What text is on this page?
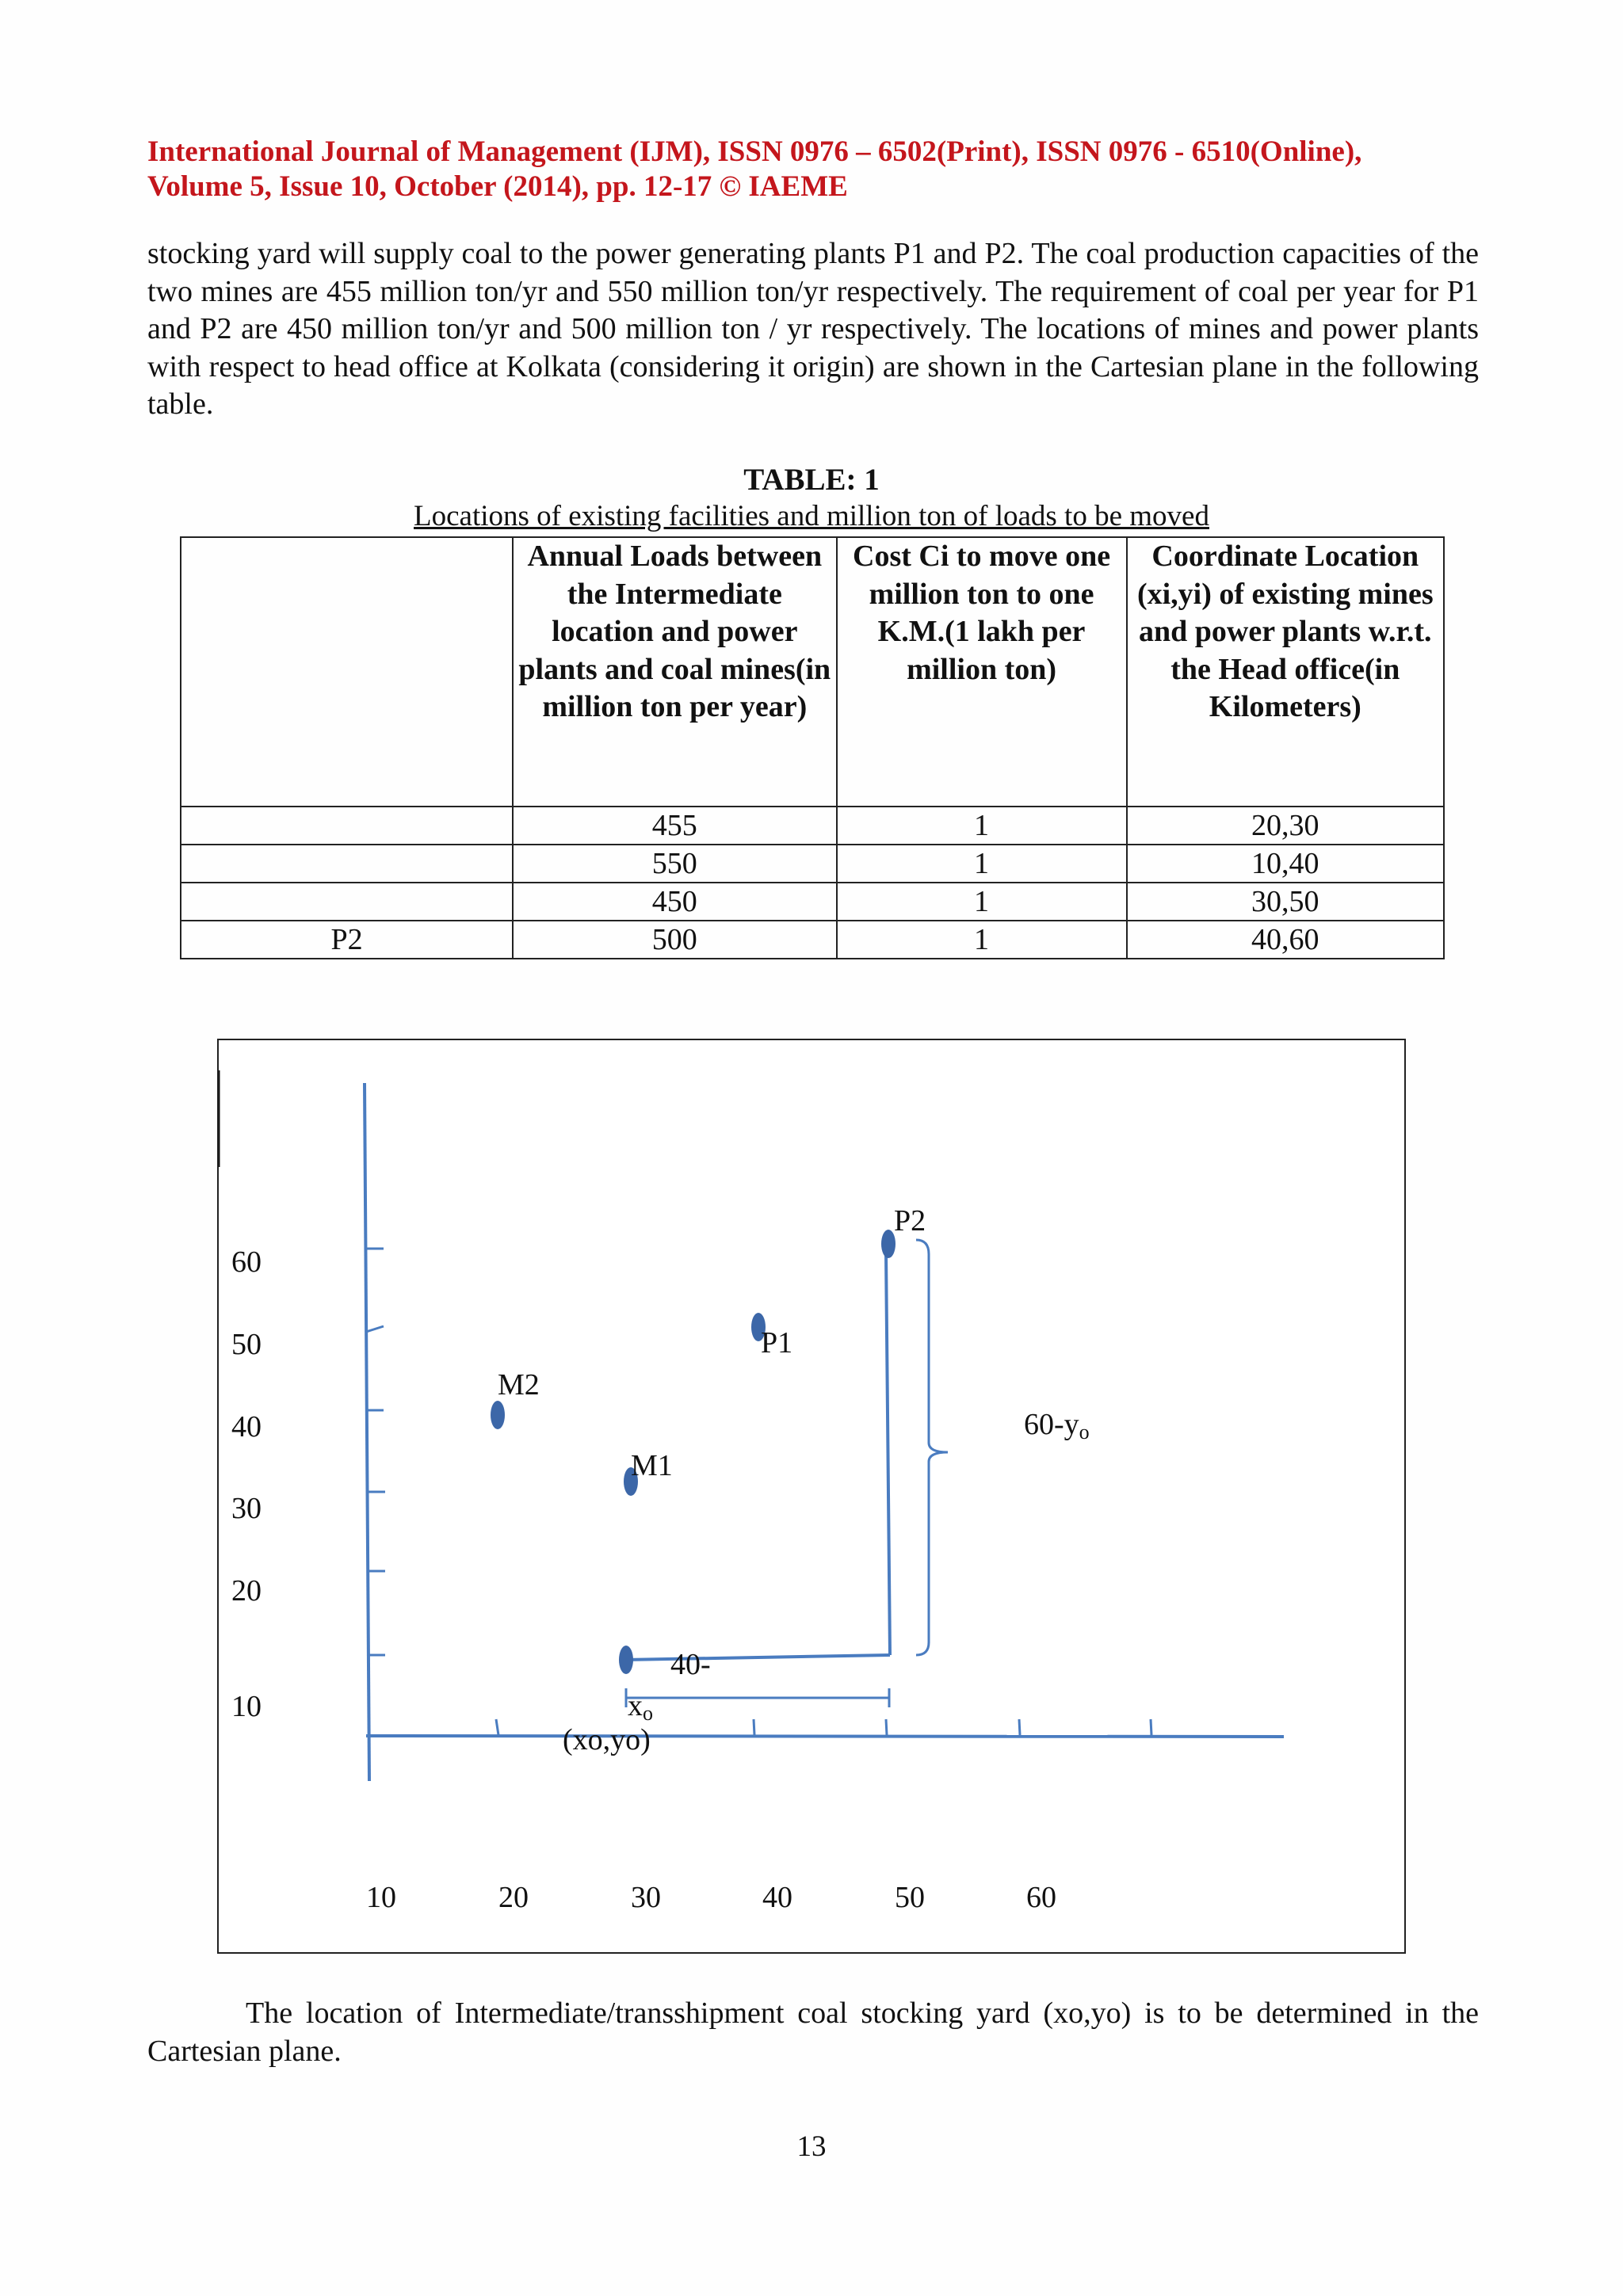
International Journal of Management (IJM), ISSN 0976 – 6502(Print), ISSN 0976 - 6510(Online),
Volume 5, Issue 10, October (2014), pp. 12-17 © IAEME
stocking yard will supply coal to the power generating plants P1 and P2. The coal production capacities of the two mines are 455 million ton/yr and 550 million ton/yr respectively. The requirement of coal per year for P1 and P2 are 450 million ton/yr and 500 million ton / yr respectively. The locations of mines and power plants with respect to head office at Kolkata (considering it origin) are shown in the Cartesian plane in the following table.
TABLE: 1
Locations of existing facilities and million ton of loads to be moved
	Annual Loads between the Intermediate location and power plants and coal mines(in million ton per year)	Cost Ci to move one million ton to one K.M.(1 lakh per million ton)	Coordinate Location (xi,yi) of existing mines and power plants w.r.t. the Head office(in Kilometers)
	455	1	20,30
	550	1	10,40
	450	1	30,50
P2	500	1	40,60
P2
P1
M2
M1
60-yo
40-
xo
(xo,yo)
60
50
40
30
20
10
10	20	30	40	50	60
The location of Intermediate/transshipment coal stocking yard (xo,yo) is to be determined in the Cartesian plane.
13
